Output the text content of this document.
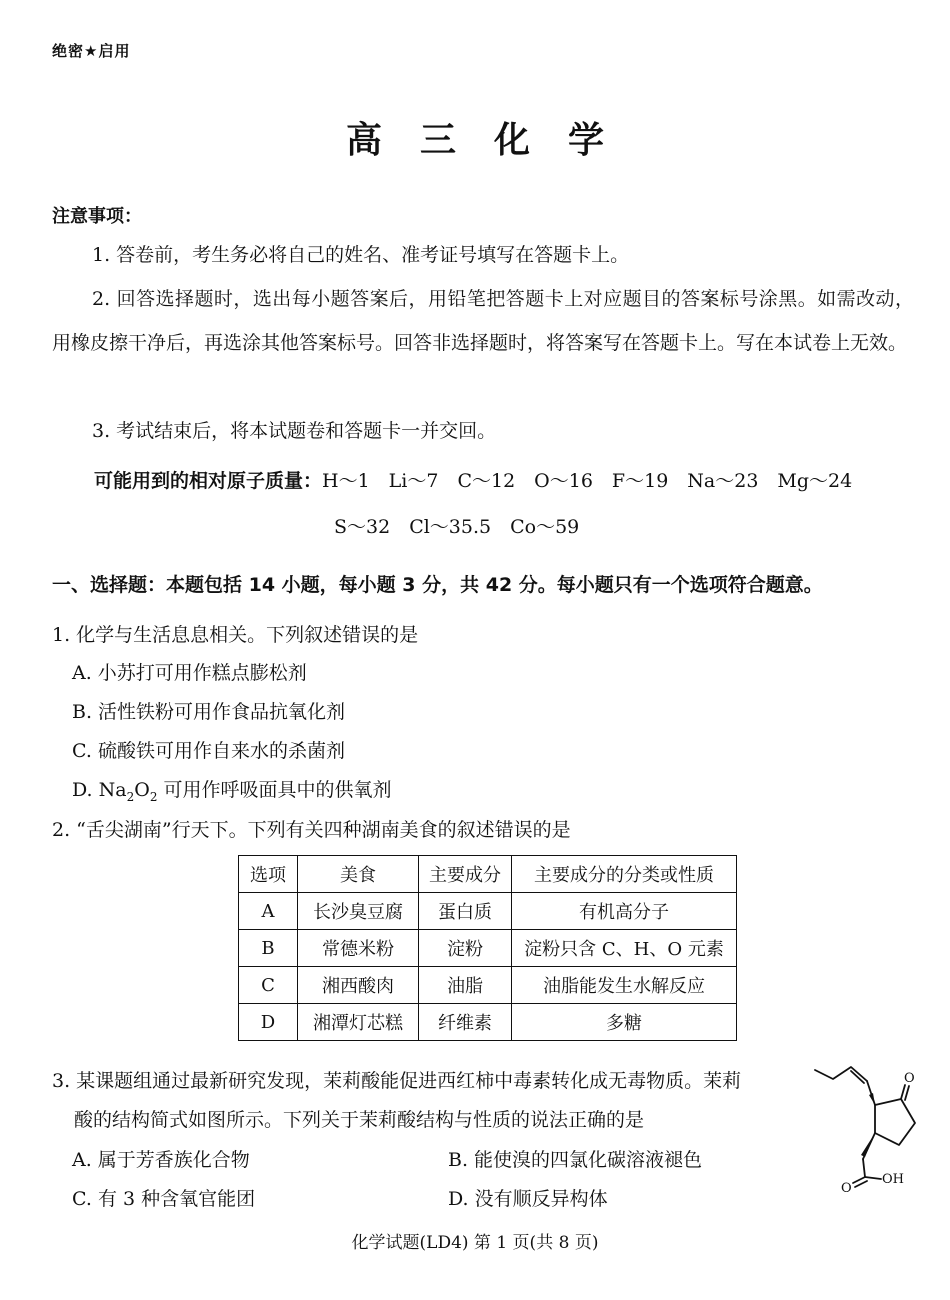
绝密★启用
高三化学
注意事项：
1. 答卷前，考生务必将自己的姓名、准考证号填写在答题卡上。
2. 回答选择题时，选出每小题答案后，用铅笔把答题卡上对应题目的答案标号涂黑。如需改动，用橡皮擦干净后，再选涂其他答案标号。回答非选择题时，将答案写在答题卡上。写在本试卷上无效。
3. 考试结束后，将本试题卷和答题卡一并交回。
可能用到的相对原子质量：H～1　Li～7　C～12　O～16　F～19　Na～23　Mg～24
S～32　Cl～35.5　Co～59
一、选择题：本题包括 14 小题，每小题 3 分，共 42 分。每小题只有一个选项符合题意。
1. 化学与生活息息相关。下列叙述错误的是
A. 小苏打可用作糕点膨松剂
B. 活性铁粉可用作食品抗氧化剂
C. 硫酸铁可用作自来水的杀菌剂
D. $Na_2O_2$ 可用作呼吸面具中的供氧剂
2. “舌尖湖南”行天下。下列有关四种湖南美食的叙述错误的是
选项	美食	主要成分	主要成分的分类或性质
A	长沙臭豆腐	蛋白质	有机高分子
B	常德米粉	淀粉	淀粉只含 C、H、O 元素
C	湘西酸肉	油脂	油脂能发生水解反应
D	湘潭灯芯糕	纤维素	多糖
3. 某课题组通过最新研究发现，茉莉酸能促进西红柿中毒素转化成无毒物质。茉莉
酸的结构简式如图所示。下列关于茉莉酸结构与性质的说法正确的是
A. 属于芳香族化合物	B. 能使溴的四氯化碳溶液褪色
C. 有 3 种含氧官能团	D. 没有顺反异构体
O
OH
O
化学试题(LD4) 第 1 页(共 8 页)
